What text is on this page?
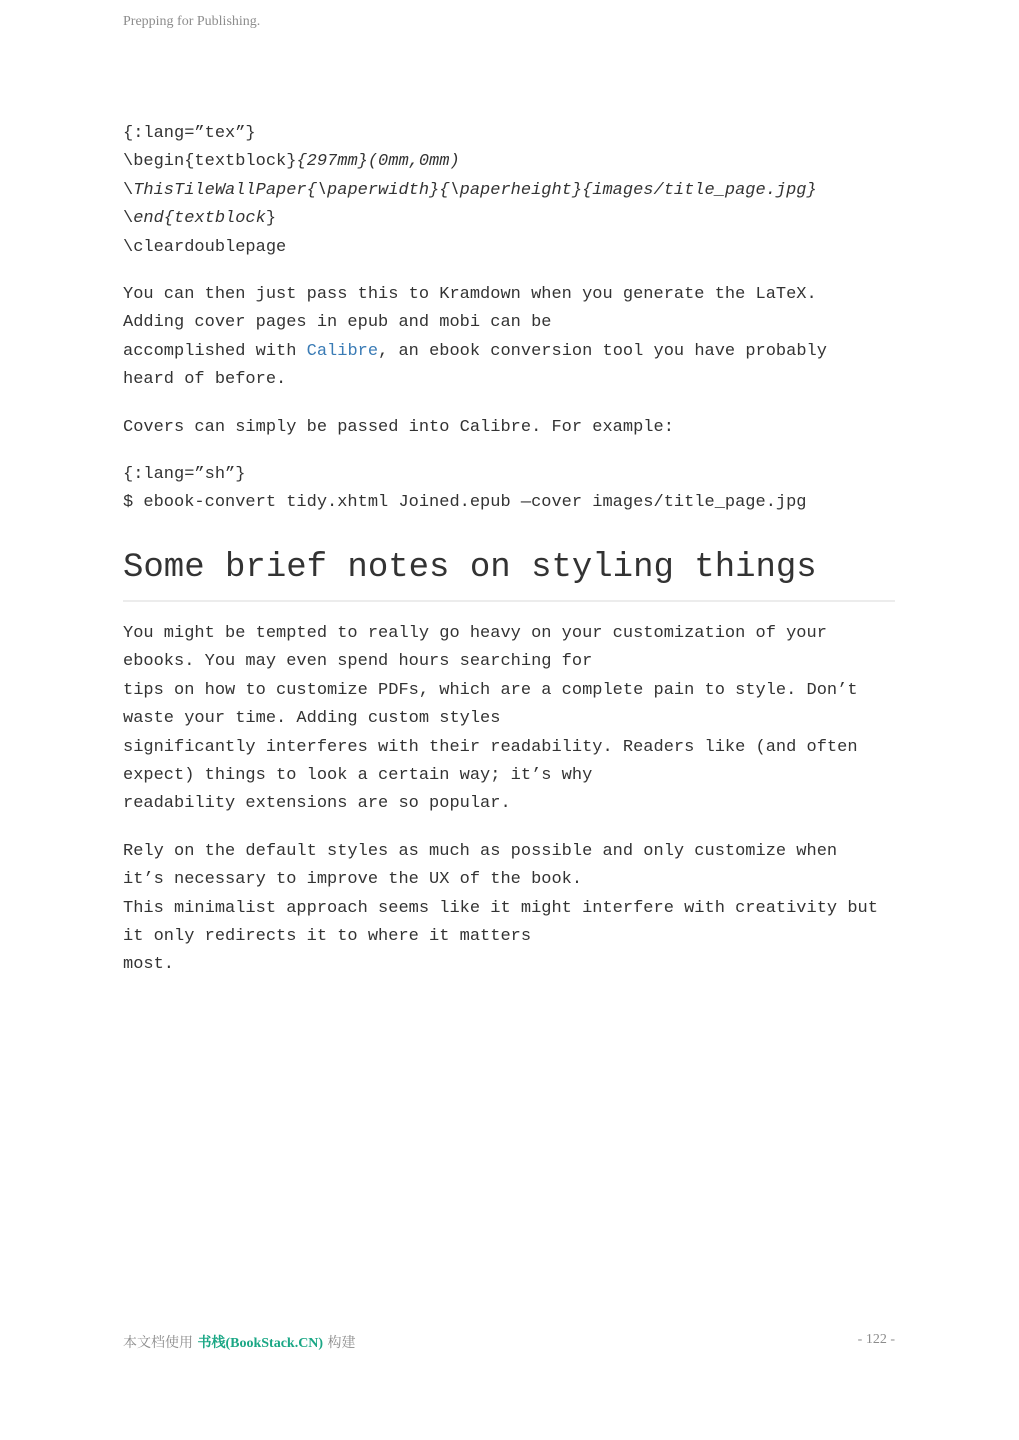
Prepping for Publishing.

{:lang=”tex”}

\begin{textblock}{297mm}(0mm,0mm)

\ThisTileWallPaper{\paperwidth}{\paperheight}{images/title_page.jpg}

\end{textblock}

\cleardoublepage

You can then just pass this to Kramdown when you generate the LaTeX.

Adding cover pages in epub and mobi can be

accomplished with Calibre, an ebook conversion tool you have probably

heard of before.

Covers can simply be passed into Calibre. For example:

{:lang=”sh”}

$ ebook-convert tidy.xhtml Joined.epub —cover images/title_page.jpg

Some brief notes on styling things

You might be tempted to really go heavy on your customization of your

ebooks. You may even spend hours searching for

tips on how to customize PDFs, which are a complete pain to style. Don’t

waste your time. Adding custom styles

significantly interferes with their readability. Readers like (and often

expect) things to look a certain way; it’s why

readability extensions are so popular.

Rely on the default styles as much as possible and only customize when

it’s necessary to improve the UX of the book.

This minimalist approach seems like it might interfere with creativity but

it only redirects it to where it matters

most.

本文档使用 书栈(BookStack.CN) 构建	- 122 -
